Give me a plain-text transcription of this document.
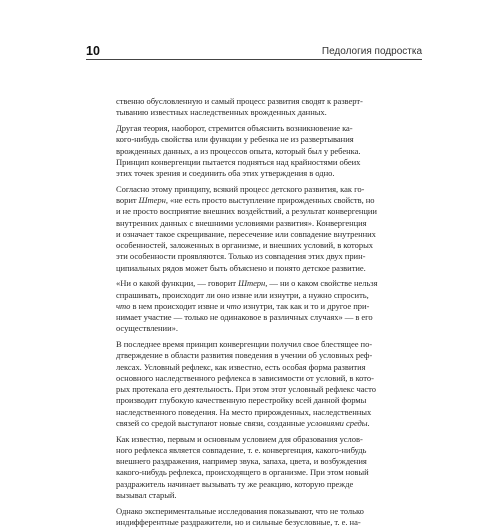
10	Педология подростка
ственно обусловленную и самый процесс развития сводят к разверт-
тыванию известных наследственных врожденных данных.
Другая теория, наоборот, стремится объяснить возникновение ка-
кого-нибудь свойства или функции у ребенка не из развертывания
врожденных данных, а из процессов опыта, который был у ребенка.
Принцип конвергенции пытается подняться над крайностями обеих
этих точек зрения и соединить оба этих утверждения в одно.
Согласно этому принципу, всякий процесс детского развития, как го-
ворит Штерн, «не есть просто выступление прирожденных свойств, но
и не просто восприятие внешних воздействий, а результат конвергенции
внутренних данных с внешними условиями развития». Конвергенция
и означает такое скрещивание, пересечение или совпадение внутренних
особенностей, заложенных в организме, и внешних условий, в которых
эти особенности проявляются. Только из совпадения этих двух прин-
ципиальных рядов может быть объяснено и понято детское развитие.
«Ни о какой функции, — говорит Штерн, — ни о каком свойстве нельзя
спрашивать, происходит ли оно извне или изнутри, а нужно спросить,
что в нем происходит извне и что изнутри, так как и то и другое при-
нимает участие — только не одинаковое в различных случаях» — в его
осуществлении».
В последнее время принцип конвергенции получил свое блестящее по-
дтверждение в области развития поведения в учении об условных реф-
лексах. Условный рефлекс, как известно, есть особая форма развития
основного наследственного рефлекса в зависимости от условий, в кото-
рых протекала его деятельность. При этом этот условный рефлекс часто
производит глубокую качественную перестройку всей данной формы
наследственного поведения. На место прирожденных, наследственных
связей со средой выступают новые связи, созданные условиями среды.
Как известно, первым и основным условием для образования услов-
ного рефлекса является совпадение, т. е. конвергенция, какого-нибудь
внешнего раздражения, например звука, запаха, цвета, и возбуждения
какого-нибудь рефлекса, происходящего в организме. При этом новый
раздражитель начинает вызывать ту же реакцию, которую прежде
вызывал старый.
Однако экспериментальные исследования показывают, что не только
индифферентные раздражители, но и сильные безусловные, т. е. на-
